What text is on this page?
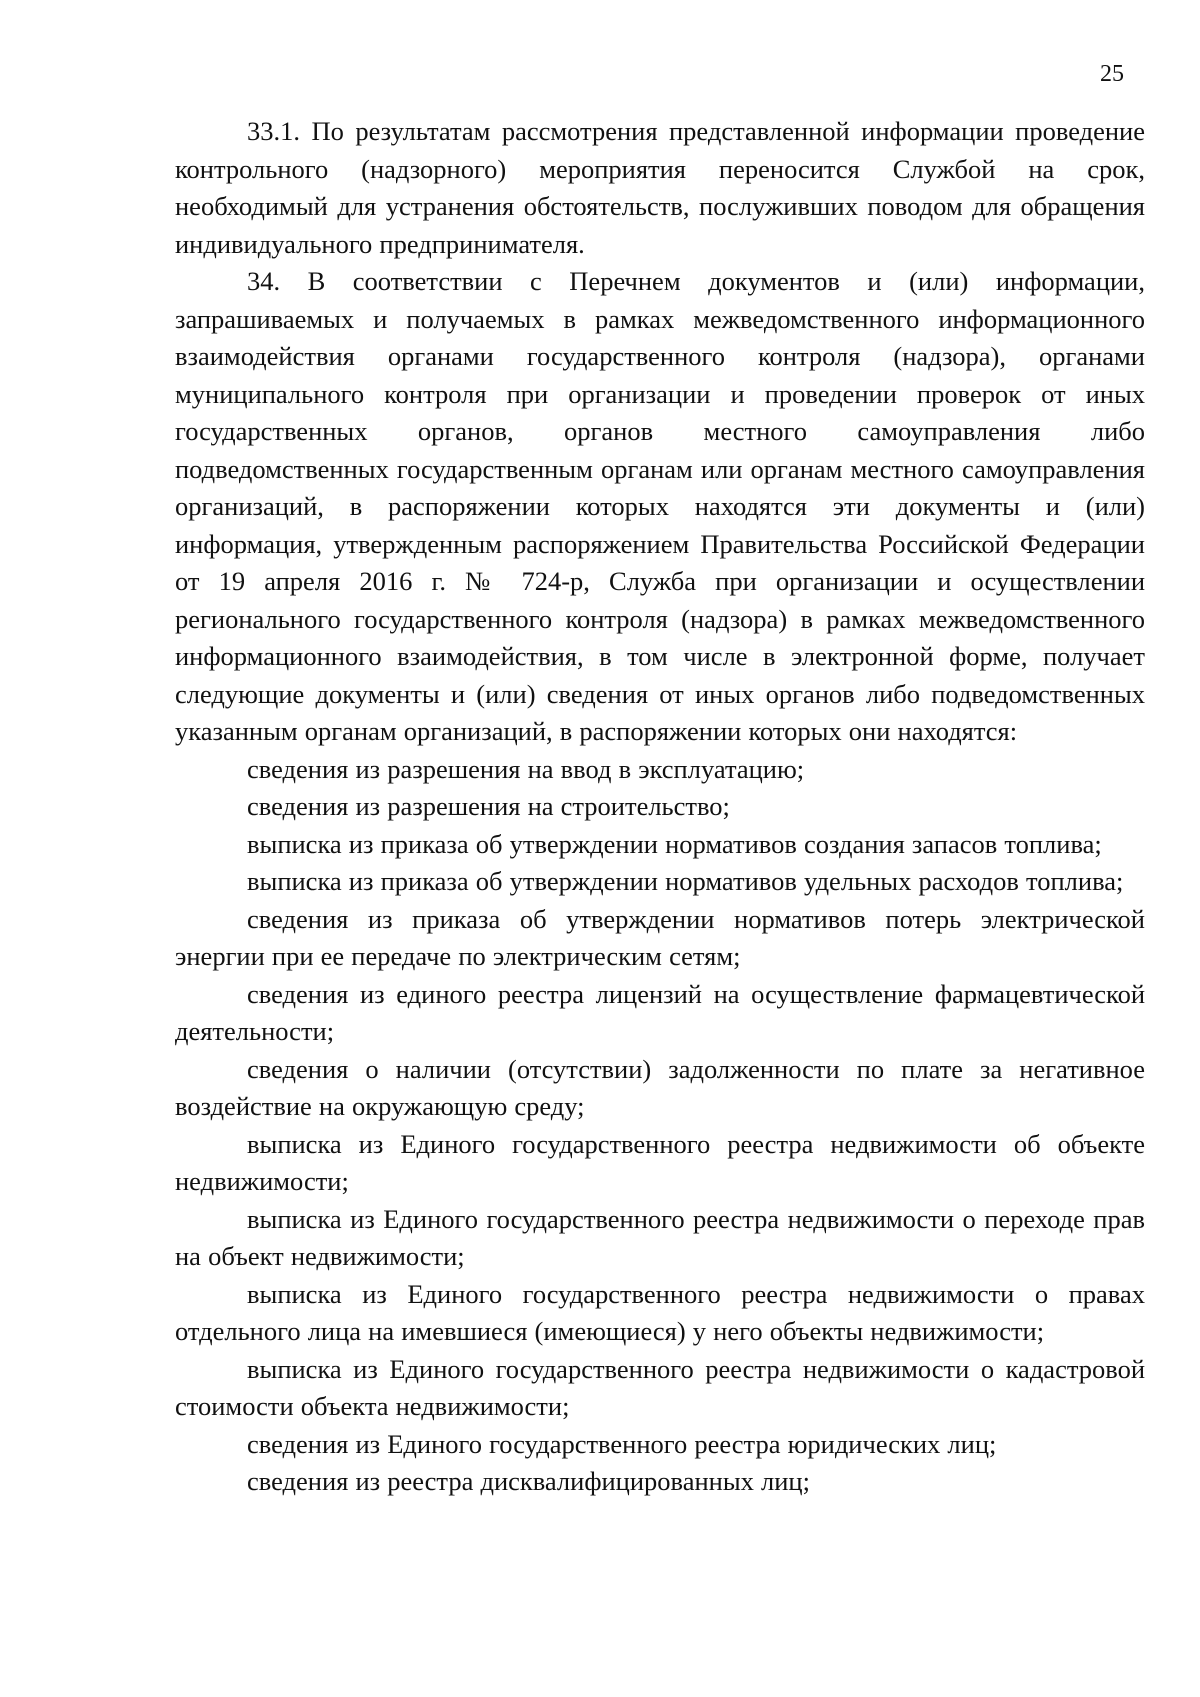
25

33.1. По результатам рассмотрения представленной информации проведение контрольного (надзорного) мероприятия переносится Службой на срок, необходимый для устранения обстоятельств, послуживших поводом для обращения индивидуального предпринимателя.

34. В соответствии с Перечнем документов и (или) информации, запрашиваемых и получаемых в рамках межведомственного информационного взаимодействия органами государственного контроля (надзора), органами муниципального контроля при организации и проведении проверок от иных государственных органов, органов местного самоуправления либо подведомственных государственным органам или органам местного самоуправления организаций, в распоряжении которых находятся эти документы и (или) информация, утвержденным распоряжением Правительства Российской Федерации от 19 апреля 2016 г. № 724-р, Служба при организации и осуществлении регионального государственного контроля (надзора) в рамках межведомственного информационного взаимодействия, в том числе в электронной форме, получает следующие документы и (или) сведения от иных органов либо подведомственных указанным органам организаций, в распоряжении которых они находятся:

сведения из разрешения на ввод в эксплуатацию;

сведения из разрешения на строительство;

выписка из приказа об утверждении нормативов создания запасов топлива;

выписка из приказа об утверждении нормативов удельных расходов топлива;

сведения из приказа об утверждении нормативов потерь электрической энергии при ее передаче по электрическим сетям;

сведения из единого реестра лицензий на осуществление фармацевтической деятельности;

сведения о наличии (отсутствии) задолженности по плате за негативное воздействие на окружающую среду;

выписка из Единого государственного реестра недвижимости об объекте недвижимости;

выписка из Единого государственного реестра недвижимости о переходе прав на объект недвижимости;

выписка из Единого государственного реестра недвижимости о правах отдельного лица на имевшиеся (имеющиеся) у него объекты недвижимости;

выписка из Единого государственного реестра недвижимости о кадастровой стоимости объекта недвижимости;

сведения из Единого государственного реестра юридических лиц;

сведения из реестра дисквалифицированных лиц;
